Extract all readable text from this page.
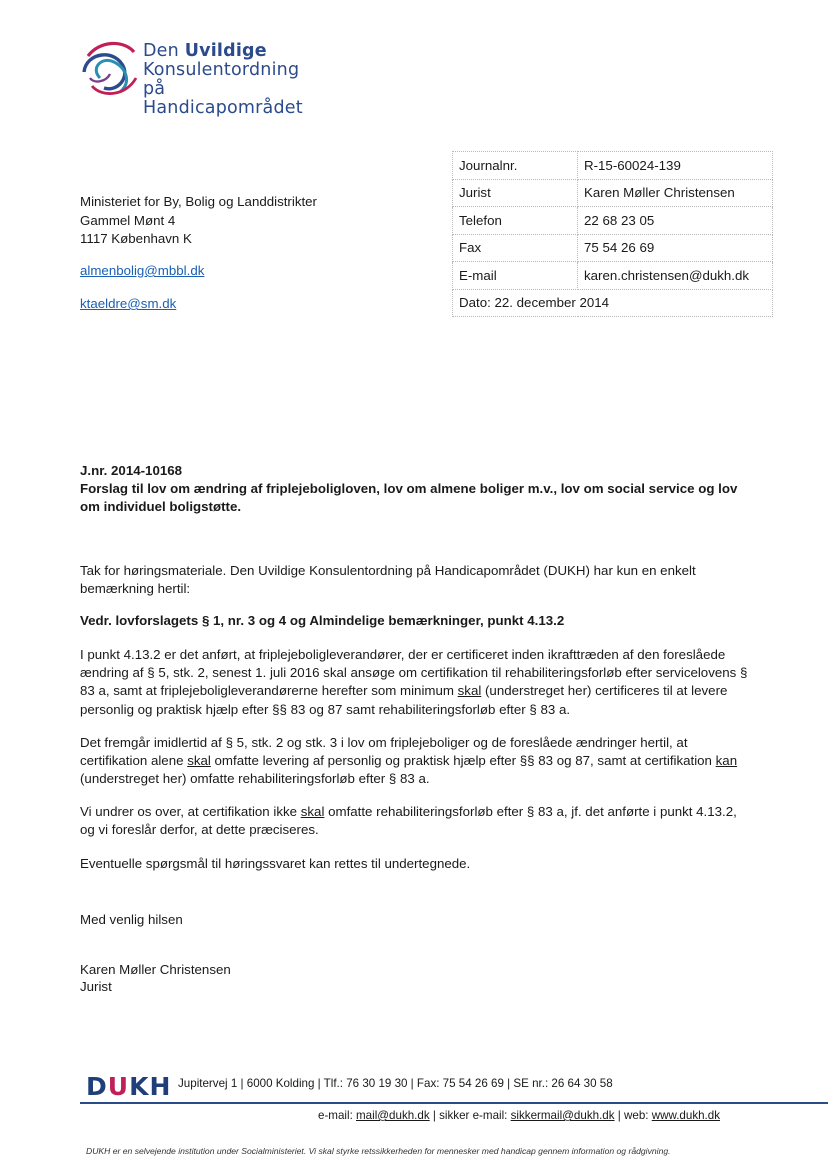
Den Uvildige
Konsulentordning
på Handicapområdet
Ministeriet for By, Bolig og Landdistrikter
Gammel Mønt 4
1117 København K
almenbolig@mbbl.dk
ktaeldre@sm.dk
Journalnr.	R-15-60024-139
Jurist	Karen Møller Christensen
Telefon	22 68 23 05
Fax	75 54 26 69
E-mail	karen.christensen@dukh.dk
Dato: 22. december 2014	

J.nr. 2014-10168

Forslag til lov om ændring af friplejeboligloven, lov om almene boliger m.v., lov om social service og lov om individuel boligstøtte.

Tak for høringsmateriale. Den Uvildige Konsulentordning på Handicapområdet (DUKH) har kun en enkelt bemærkning hertil:

Vedr. lovforslagets § 1, nr. 3 og 4 og Almindelige bemærkninger, punkt 4.13.2

I punkt 4.13.2 er det anført, at friplejeboligleverandører, der er certificeret inden ikrafttræden af den foreslåede ændring af § 5, stk. 2, senest 1. juli 2016 skal ansøge om certifikation til rehabiliteringsforløb efter servicelovens § 83 a, samt at friplejeboligleverandørerne herefter som minimum skal (understreget her) certificeres til at levere personlig og praktisk hjælp efter §§ 83 og 87 samt rehabiliteringsforløb efter § 83 a.

Det fremgår imidlertid af § 5, stk. 2 og stk. 3 i lov om friplejeboliger og de foreslåede ændringer hertil, at certifikation alene skal omfatte levering af personlig og praktisk hjælp efter §§ 83 og 87, samt at certifikation kan (understreget her) omfatte rehabiliteringsforløb efter § 83 a.

Vi undrer os over, at certifikation ikke skal omfatte rehabiliteringsforløb efter § 83 a, jf. det anførte i punkt 4.13.2, og vi foreslår derfor, at dette præciseres.

Eventuelle spørgsmål til høringssvaret kan rettes til undertegnede.

Med venlig hilsen

Karen Møller Christensen

Jurist

DUKH Jupitervej 1 | 6000 Kolding | Tlf.: 76 30 19 30 | Fax: 75 54 26 69 | SE nr.: 26 64 30 58
e-mail: mail@dukh.dk | sikker e-mail: sikkermail@dukh.dk | web: www.dukh.dk
DUKH er en selvejende institution under Socialministeriet. Vi skal styrke retssikkerheden for mennesker med handicap gennem information og rådgivning.
